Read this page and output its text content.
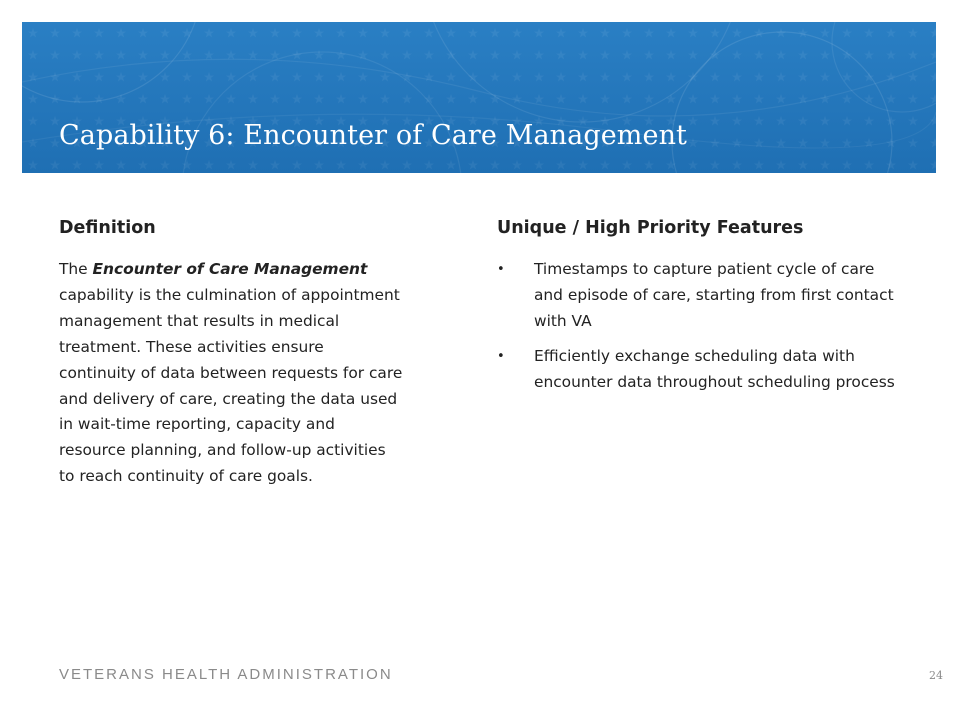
Capability 6: Encounter of Care Management
Definition
The Encounter of Care Management capability is the culmination of appointment management that results in medical treatment. These activities ensure continuity of data between requests for care and delivery of care, creating the data used in wait-time reporting, capacity and resource planning, and follow-up activities to reach continuity of care goals.
Unique / High Priority Features
• Timestamps to capture patient cycle of care and episode of care, starting from first contact with VA
• Efficiently exchange scheduling data with encounter data throughout scheduling process
VETERANS HEALTH ADMINISTRATION	24
